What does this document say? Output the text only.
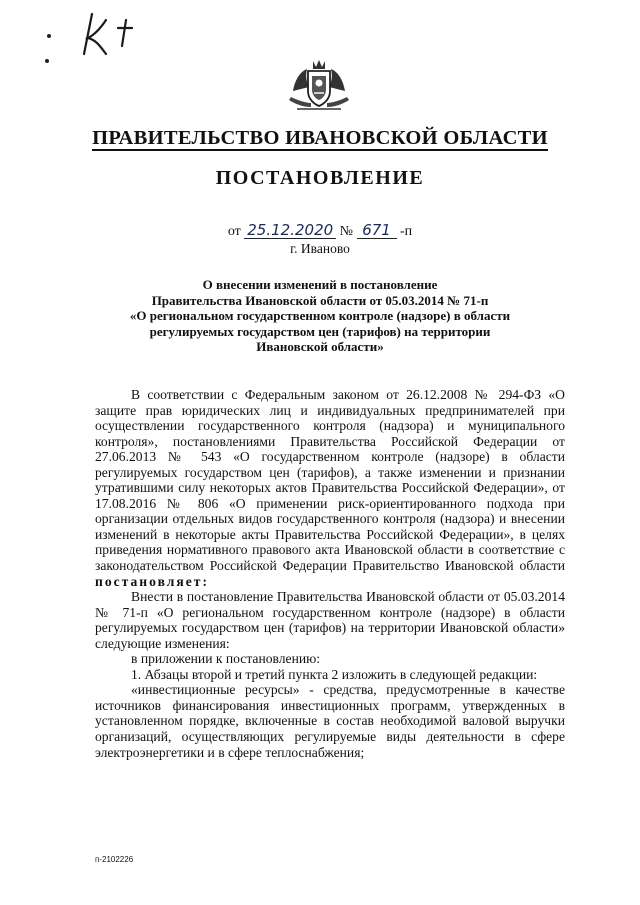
ПРАВИТЕЛЬСТВО ИВАНОВСКОЙ ОБЛАСТИ
ПОСТАНОВЛЕНИЕ
от 25.12.2020 № 671 -п
г. Иваново
О внесении изменений в постановление
Правительства Ивановской области от 05.03.2014 № 71-п
«О региональном государственном контроле (надзоре) в области
регулируемых государством цен (тарифов) на территории
Ивановской области»

В соответствии с Федеральным законом от 26.12.2008 № 294-ФЗ «О защите прав юридических лиц и индивидуальных предпринимателей при осуществлении государственного контроля (надзора) и муниципального контроля», постановлениями Правительства Российской Федерации от 27.06.2013 № 543 «О государственном контроле (надзоре) в области регулируемых государством цен (тарифов), а также изменении и признании утратившими силу некоторых актов Правительства Российской Федерации», от 17.08.2016 № 806 «О применении риск-ориентированного подхода при организации отдельных видов государственного контроля (надзора) и внесении изменений в некоторые акты Правительства Российской Федерации», в целях приведения нормативного правового акта Ивановской области в соответствие с законодательством Российской Федерации Правительство Ивановской области постановляет:

Внести в постановление Правительства Ивановской области от 05.03.2014 № 71-п «О региональном государственном контроле (надзоре) в области регулируемых государством цен (тарифов) на территории Ивановской области» следующие изменения:

в приложении к постановлению:

1. Абзацы второй и третий пункта 2 изложить в следующей редакции:

«инвестиционные ресурсы» - средства, предусмотренные в качестве источников финансирования инвестиционных программ, утвержденных в установленном порядке, включенные в состав необходимой валовой выручки организаций, осуществляющих регулируемые виды деятельности в сфере электроэнергетики и в сфере теплоснабжения;

п-2102226
